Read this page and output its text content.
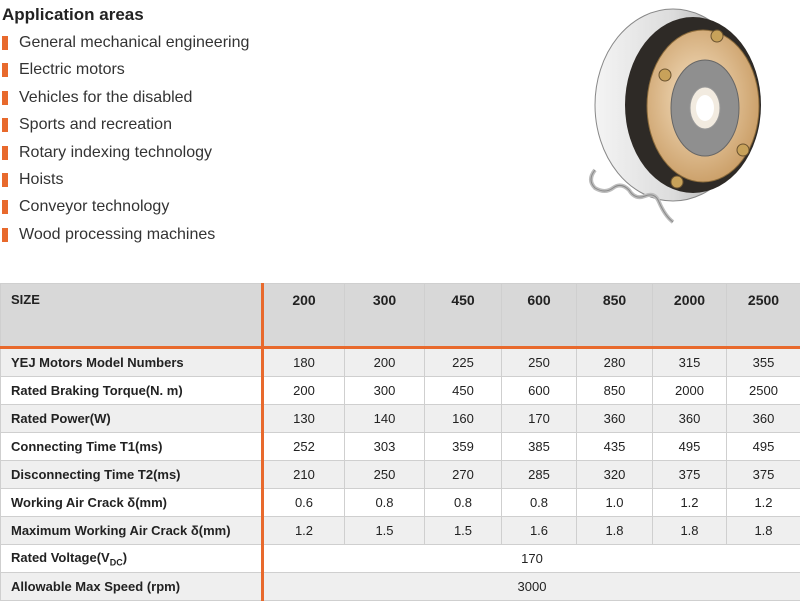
Application areas
General mechanical engineering
Electric motors
Vehicles for the disabled
Sports and recreation
Rotary indexing technology
Hoists
Conveyor technology
Wood processing machines
SIZE	200	300	450	600	850	2000	2500
YEJ Motors Model Numbers	180	200	225	250	280	315	355
Rated Braking Torque(N. m)	200	300	450	600	850	2000	2500
Rated Power(W)	130	140	160	170	360	360	360
Connecting Time T1(ms)	252	303	359	385	435	495	495
Disconnecting Time T2(ms)	210	250	270	285	320	375	375
Working Air Crack δ(mm)	0.6	0.8	0.8	0.8	1.0	1.2	1.2
Maximum Working Air Crack δ(mm)	1.2	1.5	1.5	1.6	1.8	1.8	1.8
Rated $Voltage(V_{DC})$	170						
Allowable Max Speed (rpm)	3000						
